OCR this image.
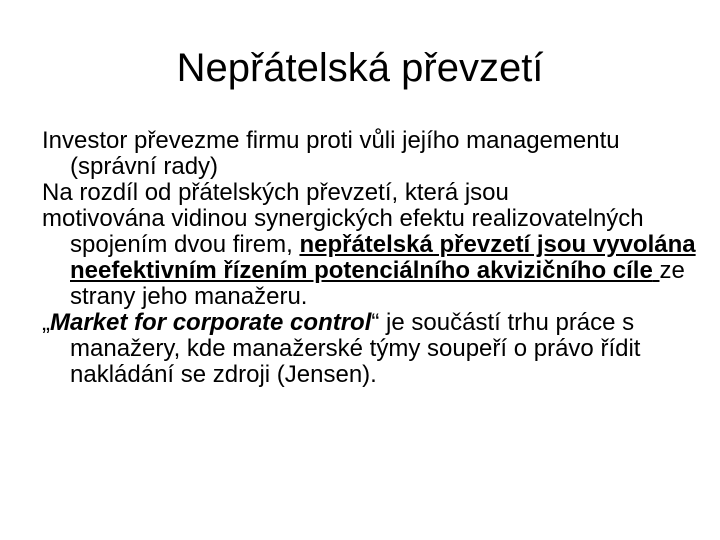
Nepřátelská převzetí

Investor převezme firmu proti vůli jejího managementu (správní rady)

Na rozdíl od přátelských převzetí, která jsou

motivována vidinou synergických efektu realizovatelných spojením dvou firem, nepřátelská převzetí jsou vyvolána neefektivním řízením potenciálního akvizičního cíle ze strany jeho manažeru.

„Market for corporate control“ je součástí trhu práce s manažery, kde manažerské týmy soupeří o právo řídit nakládání se zdroji (Jensen).
